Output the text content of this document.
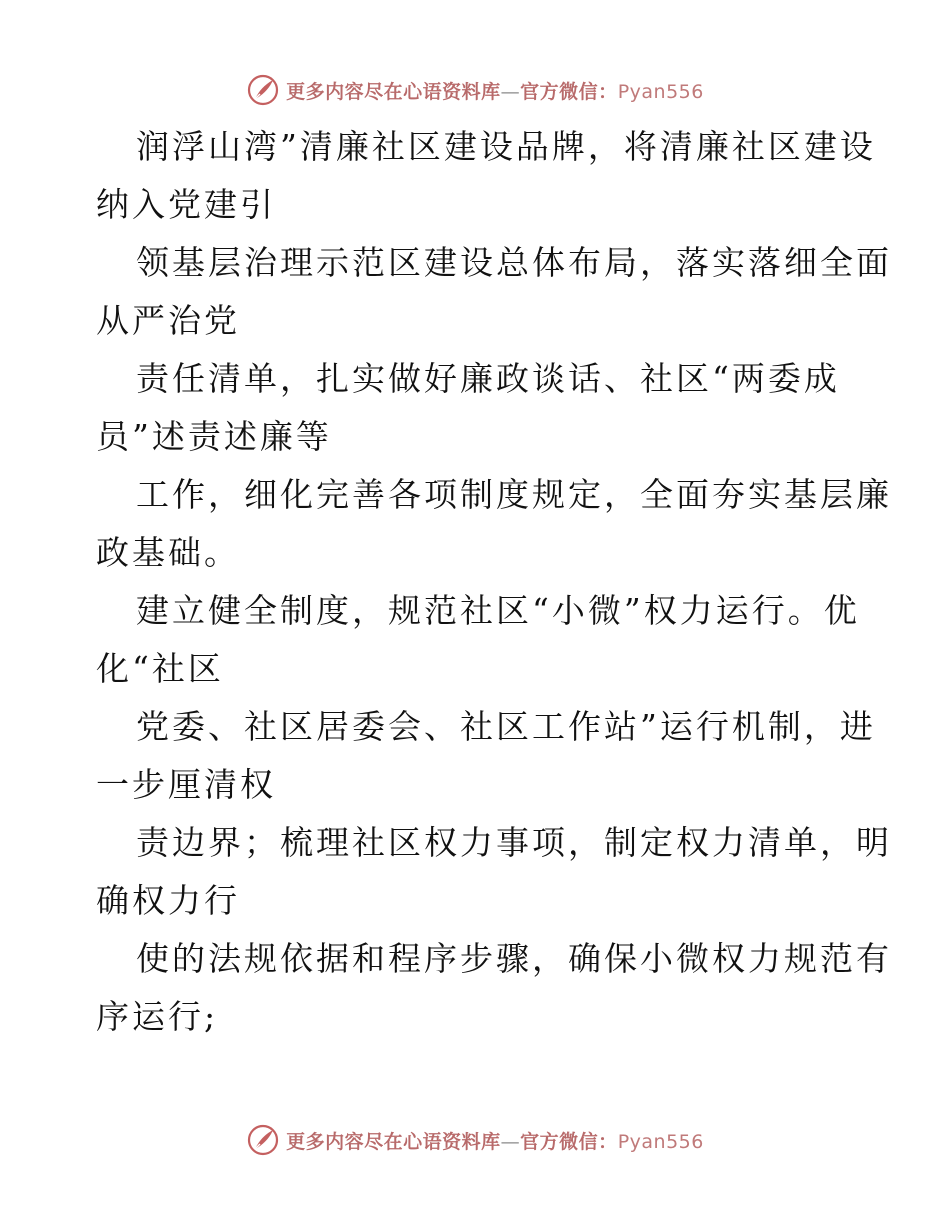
更多内容尽在心语资料库—官方微信：Pyan556

润浮山湾”清廉社区建设品牌，将清廉社区建设
纳入党建引

领基层治理示范区建设总体布局，落实落细全面
从严治党

责任清单，扎实做好廉政谈话、社区“两委成
员”述责述廉等

工作，细化完善各项制度规定，全面夯实基层廉
政基础。

建立健全制度，规范社区“小微”权力运行。优
化“社区

党委、社区居委会、社区工作站”运行机制，进
一步厘清权

责边界；梳理社区权力事项，制定权力清单，明
确权力行

使的法规依据和程序步骤，确保小微权力规范有
序运行;

更多内容尽在心语资料库—官方微信：Pyan556
